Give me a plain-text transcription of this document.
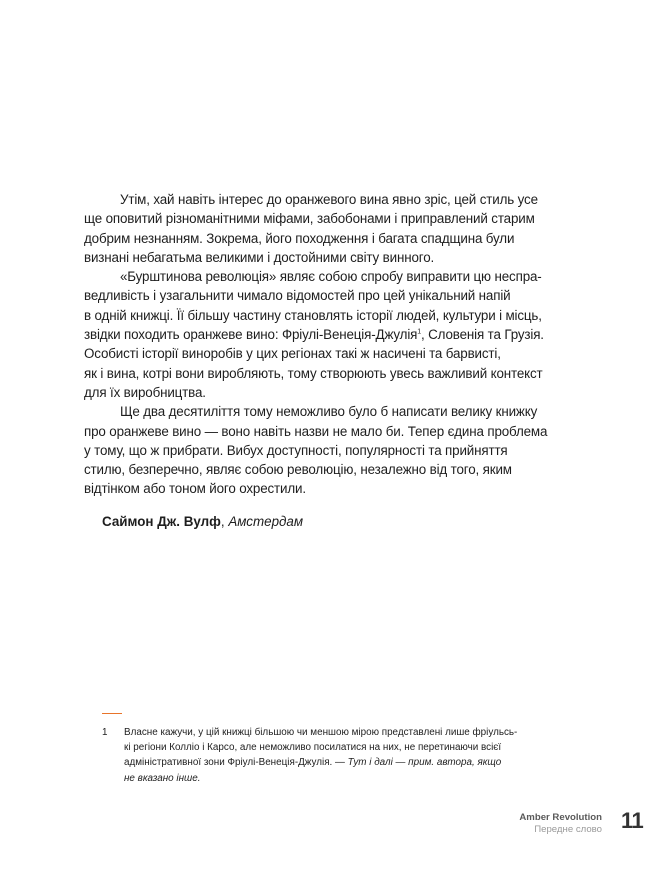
Утім, хай навіть інтерес до оранжевого вина явно зріс, цей стиль усе
ще оповитий різноманітними міфами, забобонами і приправлений старим
добрим незнанням. Зокрема, його походження і багата спадщина були
визнані небагатьма великими і достойними світу винного.

«Бурштинова революція» являє собою спробу виправити цю неспра-
ведливість і узагальнити чимало відомостей про цей унікальний напій
в одній книжці. Її більшу частину становлять історії людей, культури і місць,
звідки походить оранжеве вино: Фріулі-Венеція-Джулія$^1$, Словенія та Грузія.
Особисті історії виноробів у цих регіонах такі ж насичені та барвисті,
як і вина, котрі вони виробляють, тому створюють увесь важливий контекст
для їх виробництва.

Ще два десятиліття тому неможливо було б написати велику книжку
про оранжеве вино — воно навіть назви не мало би. Тепер єдина проблема
у тому, що ж прибрати. Вибух доступності, популярності та прийняття
стилю, безперечно, являє собою революцію, незалежно від того, яким
відтінком або тоном його охрестили.

Саймон Дж. Вулф, Амстердам
1 Власне кажучи, у цій книжці більшою чи меншою мірою представлені лише фріульсь-
кі регіони Колліо і Карсо, але неможливо посилатися на них, не перетинаючи всієї
адміністративної зони Фріулі-Венеція-Джулія. — Тут і далі — прим. автора, якщо
не вказано інше.
Amber Revolution
Передне слово 11
